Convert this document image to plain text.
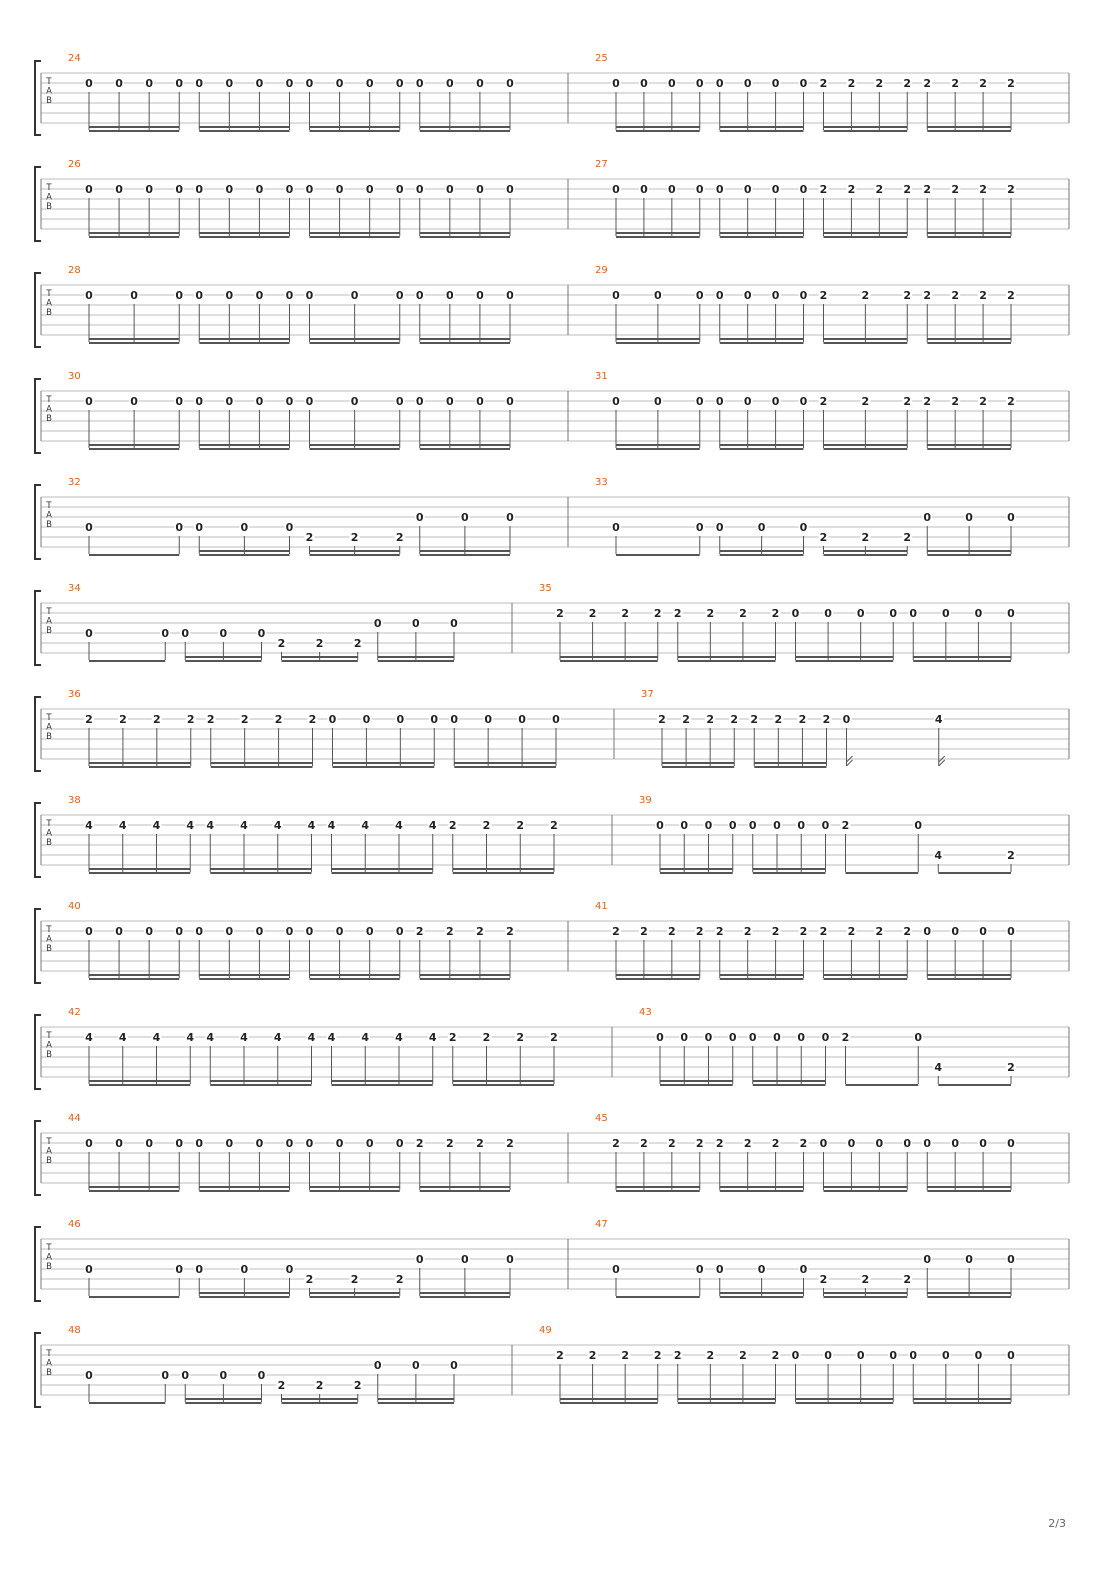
T
A
B
24
0 0 0 0 0 0 0 0 0 0 0 0 0 0 0 0
25
0 0 0 0 0 0 0 0 2 2 2 2 2 2 2 2
T
A
B
26
0 0 0 0 0 0 0 0 0 0 0 0 0 0 0 0
27
0 0 0 0 0 0 0 0 2 2 2 2 2 2 2 2
T
A
B
28
0	0	0 0 0 0 0 0	0	0 0 0 0 0
29
0	0	0 0 0 0 0 2	2	2 2 2 2 2
T
A
B
30
0	0	0 0 0 0 0 0	0	0 0 0 0 0
31
0	0	0 0 0 0 0 2	2	2 2 2 2 2
T
A
B
32
0	0 0	0	0
2	2	2
0	0	0
33
0	0 0	0	0
2	2	2
0	0	0
T
A
B
34
0	0 0	0	0
2	2	2
0	0	0
35
2 2 2 2 2 2 2 2 0 0 0 0 0 0 0 0
T
A
B
36
2 2 2 2 2 2 2 2 0 0 0 0 0 0 0 0
37
2 2 2 2 2 2 2 2 0	4
T
A
B
38
4 4 4 4 4 4 4 4 4 4 4 4 2 2 2 2
39
0 0 0 0 0 0 0 0 2	0
4	2
T
A
B
40
0 0 0 0 0 0 0 0 0 0 0 0 2 2 2 2
41
2 2 2 2 2 2 2 2 2 2 2 2 0 0 0 0
T
A
B
42
4 4 4 4 4 4 4 4 4 4 4 4 2 2 2 2
43
0 0 0 0 0 0 0 0 2	0
4	2
T
A
B
44
0 0 0 0 0 0 0 0 0 0 0 0 2 2 2 2
45
2 2 2 2 2 2 2 2 0 0 0 0 0 0 0 0
T
A
B
46
0	0 0	0	0
2	2	2
0	0	0
47
0	0 0	0	0
2	2	2
0	0	0
T
A
B
48
0	0 0	0	0
2	2	2
0	0	0
49
2 2 2 2 2 2 2 2 0 0 0 0 0 0 0 0
2/3
